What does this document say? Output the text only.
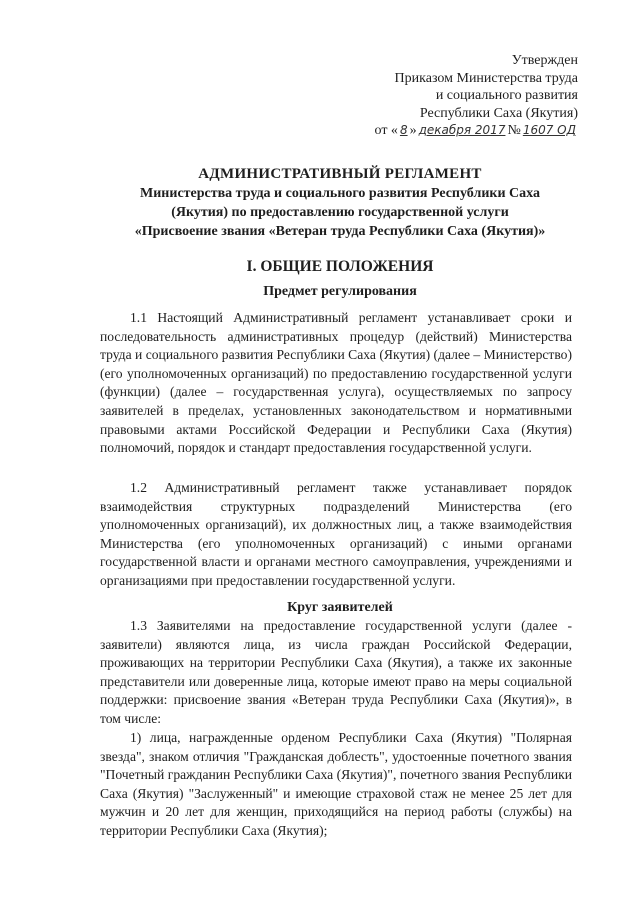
Утвержден
Приказом Министерства труда
и социального развития
Республики Саха (Якутия)
от « 8 » декабря 2017 № 1607 ОД
АДМИНИСТРАТИВНЫЙ РЕГЛАМЕНТ
Министерства труда и социального развития Республики Саха
(Якутия) по предоставлению государственной услуги
«Присвоение звания «Ветеран труда Республики Саха (Якутия)»
I. ОБЩИЕ ПОЛОЖЕНИЯ
Предмет регулирования

1.1 Настоящий Административный регламент устанавливает сроки и последовательность административных процедур (действий) Министерства труда и социального развития Республики Саха (Якутия) (далее – Министерство) (его уполномоченных организаций) по предоставлению государственной услуги (функции) (далее – государственная услуга), осуществляемых по запросу заявителей в пределах, установленных законодательством и нормативными правовыми актами Российской Федерации и Республики Саха (Якутия) полномочий, порядок и стандарт предоставления государственной услуги.

1.2 Административный регламент также устанавливает порядок взаимодействия структурных подразделений Министерства (его уполномоченных организаций), их должностных лиц, а также взаимодействия Министерства (его уполномоченных организаций) с иными органами государственной власти и органами местного самоуправления, учреждениями и организациями при предоставлении государственной услуги.

Круг заявителей

1.3 Заявителями на предоставление государственной услуги (далее - заявители) являются лица, из числа граждан Российской Федерации, проживающих на территории Республики Саха (Якутия), а также их законные представители или доверенные лица, которые имеют право на меры социальной поддержки: присвоение звания «Ветеран труда Республики Саха (Якутия)», в том числе:

1) лица, награжденные орденом Республики Саха (Якутия) "Полярная звезда", знаком отличия "Гражданская доблесть", удостоенные почетного звания "Почетный гражданин Республики Саха (Якутия)", почетного звания Республики Саха (Якутия) "Заслуженный" и имеющие страховой стаж не менее 25 лет для мужчин и 20 лет для женщин, приходящийся на период работы (службы) на территории Республики Саха (Якутия);
